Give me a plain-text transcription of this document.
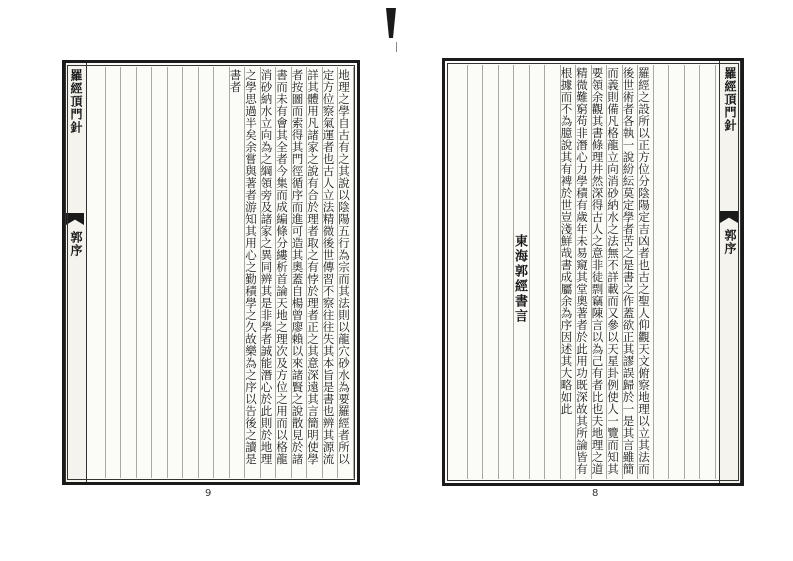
羅經頂門針
郭序	地理之學自古有之其說以陰陽五行為宗而其法則以龍穴砂水為要羅經者所以定方位察氣運者也古人立法精微後世傳習不察往往失其本旨是書也辨其源流詳其體用凡諸家之說有合於理者取之有悖於理者正之其意深遠其言簡明使學者按圖而索得其門徑循序而進可造其奧蓋自楊曾廖賴以來諸賢之說散見於諸書而未有會其全者今集而成編條分縷析首論天地之理次及方位之用而以格龍消砂納水立向為之綱領旁及諸家之異同辨其是非學者誠能潛心於此則於地理之學思過半矣余嘗與著者游知其用心之勤積學之久故樂為之序以告後之讀是書者
9
羅經頂門針
郭序
羅經之設所以正方位分陰陽定吉凶者也古之聖人仰觀天文俯察地理以立其法而後世術者各執一說紛紜莫定學者苦之是書之作蓋欲正其謬誤歸於一是其言雖簡而義則備凡格龍立向消砂納水之法無不詳載而又參以天星卦例使人一覽而知其要領余觀其書條理井然深得古人之意非徒剽竊陳言以為己有者比也夫地理之道精微難窮苟非潛心力學積有歲年未易窺其堂奧著者於此用功既深故其所論皆有根據而不為臆說其有裨於世豈淺鮮哉書成屬余為序因述其大略如此
東海郭經書言
8
